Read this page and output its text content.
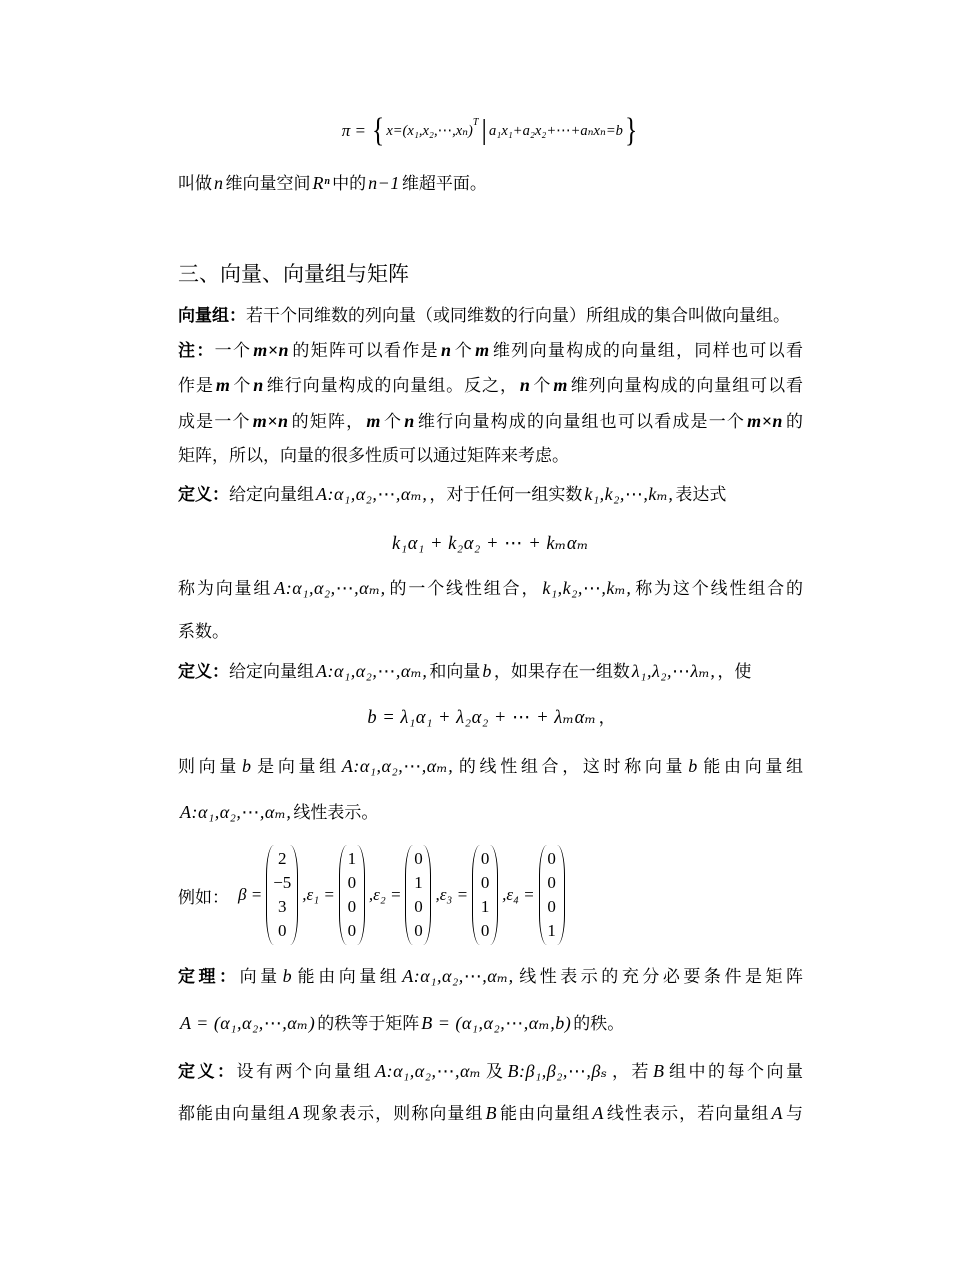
π = { x=(x₁,x₂,⋯,xₙ) T | a₁x₁+a₂x₂+⋯+aₙxₙ=b }
叫做 n 维向量空间 Rⁿ 中的 n−1 维超平面。
三、向量、向量组与矩阵
向量组：若干个同维数的列向量（或同维数的行向量）所组成的集合叫做向量组。
注：一个 m×n 的矩阵可以看作是 n 个 m 维列向量构成的向量组，同样也可以看
作是 m 个 n 维行向量构成的向量组。反之， n 个 m 维列向量构成的向量组可以看
成是一个 m×n 的矩阵， m 个 n 维行向量构成的向量组也可以看成是一个 m×n 的
矩阵，所以，向量的很多性质可以通过矩阵来考虑。
定义：给定向量组 A:α₁,α₂,⋯,αₘ, ，对于任何一组实数 k₁,k₂,⋯,kₘ, 表达式
k₁α₁ + k₂α₂ + ⋯ + kₘαₘ
称为向量组 A:α₁,α₂,⋯,αₘ, 的一个线性组合， k₁,k₂,⋯,kₘ, 称为这个线性组合的
系数。
定义：给定向量组 A:α₁,α₂,⋯,αₘ, 和向量 b ，如果存在一组数 λ₁,λ₂,⋯λₘ, ，使
b = λ₁α₁ + λ₂α₂ + ⋯ + λₘαₘ ，
则向量 b 是向量组 A:α₁,α₂,⋯,αₘ, 的线性组合，这时称向量 b 能由向量组
A:α₁,α₂,⋯,αₘ, 线性表示。
例如： β =
2
−5
3
0
,ε₁ =
1
0
0
0
,ε₂ =
0
1
0
0
,ε₃ =
0
0
1
0
,ε₄ =
0
0
0
1
定理：向量 b 能由向量组 A:α₁,α₂,⋯,αₘ, 线性表示的充分必要条件是矩阵
A = (α₁,α₂,⋯,αₘ) 的秩等于矩阵 B = (α₁,α₂,⋯,αₘ,b) 的秩。
定义：设有两个向量组 A:α₁,α₂,⋯,αₘ 及 B:β₁,β₂,⋯,βₛ ，若 B 组中的每个向量
都能由向量组 A 现象表示，则称向量组 B 能由向量组 A 线性表示，若向量组 A 与
